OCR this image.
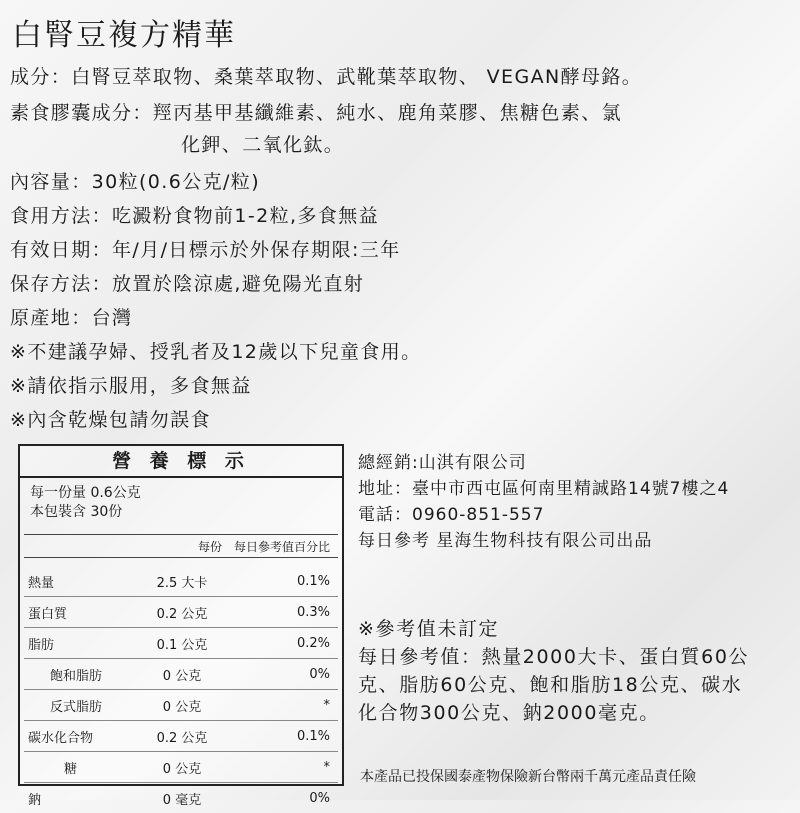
白腎豆複方精華
成分：白腎豆萃取物、桑葉萃取物、武靴葉萃取物、 VEGAN酵母鉻。
素食膠囊成分：羥丙基甲基纖維素、純水、鹿角菜膠、焦糖色素、氯
化鉀、二氧化鈦。
內容量：30粒(0.6公克/粒)
食用方法：吃澱粉食物前1-2粒,多食無益
有效日期：年/月/日標示於外保存期限:三年
保存方法：放置於陰涼處,避免陽光直射
原產地：台灣
※不建議孕婦、授乳者及12歲以下兒童食用。
※請依指示服用，多食無益
※內含乾燥包請勿誤食
營 養 標 示
每一份量 0.6公克
本包裝含 30份
每份 每日參考值百分比
熱量	2.5 大卡	0.1%
蛋白質	0.2 公克	0.3%
脂肪	0.1 公克	0.2%
飽和脂肪	0 公克	0%
反式脂肪	0 公克	*
碳水化合物	0.2 公克	0.1%
糖	0 公克	*
鈉	0 毫克	0%
總經銷:山淇有限公司
地址：臺中市西屯區何南里精誠路14號7樓之4
電話：0960-851-557
每日參考 星海生物科技有限公司出品
※參考值未訂定
每日參考值：熱量2000大卡、蛋白質60公
克、脂肪60公克、飽和脂肪18公克、碳水
化合物300公克、鈉2000毫克。
本產品已投保國泰產物保險新台幣兩千萬元產品責任險
